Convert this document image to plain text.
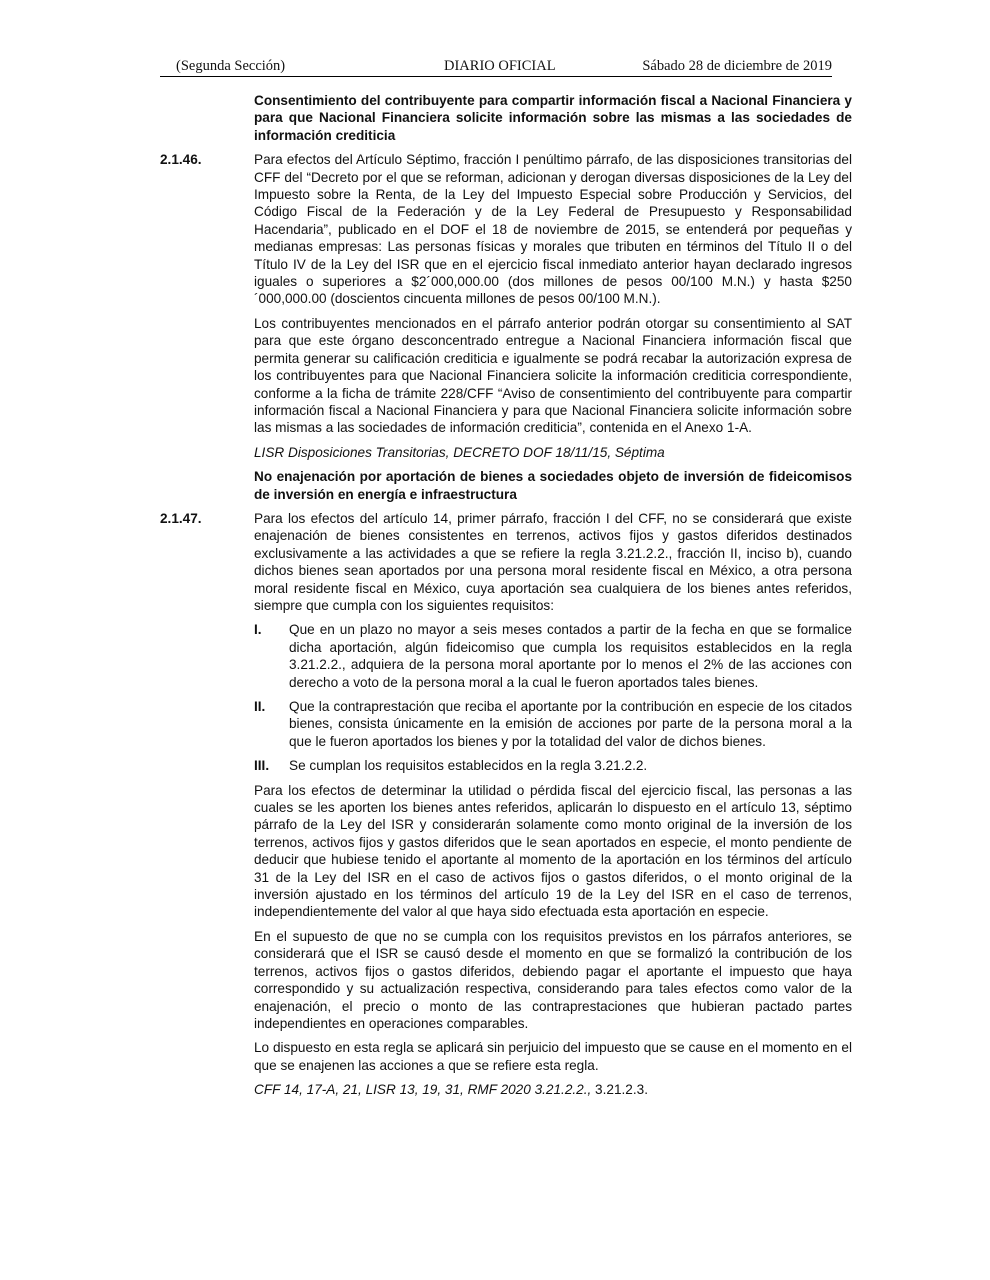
(Segunda Sección)	DIARIO OFICIAL	Sábado 28 de diciembre de 2019

Consentimiento del contribuyente para compartir información fiscal a Nacional Financiera y para que Nacional Financiera solicite información sobre las mismas a las sociedades de información crediticia

2.1.46.	Para efectos del Artículo Séptimo, fracción I penúltimo párrafo, de las disposiciones transitorias del CFF del “Decreto por el que se reforman, adicionan y derogan diversas disposiciones de la Ley del Impuesto sobre la Renta, de la Ley del Impuesto Especial sobre Producción y Servicios, del Código Fiscal de la Federación y de la Ley Federal de Presupuesto y Responsabilidad Hacendaria”, publicado en el DOF el 18 de noviembre de 2015, se entenderá por pequeñas y medianas empresas: Las personas físicas y morales que tributen en términos del Título II o del Título IV de la Ley del ISR que en el ejercicio fiscal inmediato anterior hayan declarado ingresos iguales o superiores a $2´000,000.00 (dos millones de pesos 00/100 M.N.) y hasta $250´000,000.00 (doscientos cincuenta millones de pesos 00/100 M.N.).

Los contribuyentes mencionados en el párrafo anterior podrán otorgar su consentimiento al SAT para que este órgano desconcentrado entregue a Nacional Financiera información fiscal que permita generar su calificación crediticia e igualmente se podrá recabar la autorización expresa de los contribuyentes para que Nacional Financiera solicite la información crediticia correspondiente, conforme a la ficha de trámite 228/CFF “Aviso de consentimiento del contribuyente para compartir información fiscal a Nacional Financiera y para que Nacional Financiera solicite información sobre las mismas a las sociedades de información crediticia”, contenida en el Anexo 1-A.

LISR Disposiciones Transitorias, DECRETO DOF 18/11/15, Séptima

No enajenación por aportación de bienes a sociedades objeto de inversión de fideicomisos de inversión en energía e infraestructura

2.1.47.	Para los efectos del artículo 14, primer párrafo, fracción I del CFF, no se considerará que existe enajenación de bienes consistentes en terrenos, activos fijos y gastos diferidos destinados exclusivamente a las actividades a que se refiere la regla 3.21.2.2., fracción II, inciso b), cuando dichos bienes sean aportados por una persona moral residente fiscal en México, a otra persona moral residente fiscal en México, cuya aportación sea cualquiera de los bienes antes referidos, siempre que cumpla con los siguientes requisitos:

I. Que en un plazo no mayor a seis meses contados a partir de la fecha en que se formalice dicha aportación, algún fideicomiso que cumpla los requisitos establecidos en la regla 3.21.2.2., adquiera de la persona moral aportante por lo menos el 2% de las acciones con derecho a voto de la persona moral a la cual le fueron aportados tales bienes.
II. Que la contraprestación que reciba el aportante por la contribución en especie de los citados bienes, consista únicamente en la emisión de acciones por parte de la persona moral a la que le fueron aportados los bienes y por la totalidad del valor de dichos bienes.
III. Se cumplan los requisitos establecidos en la regla 3.21.2.2.

Para los efectos de determinar la utilidad o pérdida fiscal del ejercicio fiscal, las personas a las cuales se les aporten los bienes antes referidos, aplicarán lo dispuesto en el artículo 13, séptimo párrafo de la Ley del ISR y considerarán solamente como monto original de la inversión de los terrenos, activos fijos y gastos diferidos que le sean aportados en especie, el monto pendiente de deducir que hubiese tenido el aportante al momento de la aportación en los términos del artículo 31 de la Ley del ISR en el caso de activos fijos o gastos diferidos, o el monto original de la inversión ajustado en los términos del artículo 19 de la Ley del ISR en el caso de terrenos, independientemente del valor al que haya sido efectuada esta aportación en especie.

En el supuesto de que no se cumpla con los requisitos previstos en los párrafos anteriores, se considerará que el ISR se causó desde el momento en que se formalizó la contribución de los terrenos, activos fijos o gastos diferidos, debiendo pagar el aportante el impuesto que haya correspondido y su actualización respectiva, considerando para tales efectos como valor de la enajenación, el precio o monto de las contraprestaciones que hubieran pactado partes independientes en operaciones comparables.

Lo dispuesto en esta regla se aplicará sin perjuicio del impuesto que se cause en el momento en el que se enajenen las acciones a que se refiere esta regla.

CFF 14, 17-A, 21, LISR 13, 19, 31, RMF 2020 3.21.2.2., 3.21.2.3.
